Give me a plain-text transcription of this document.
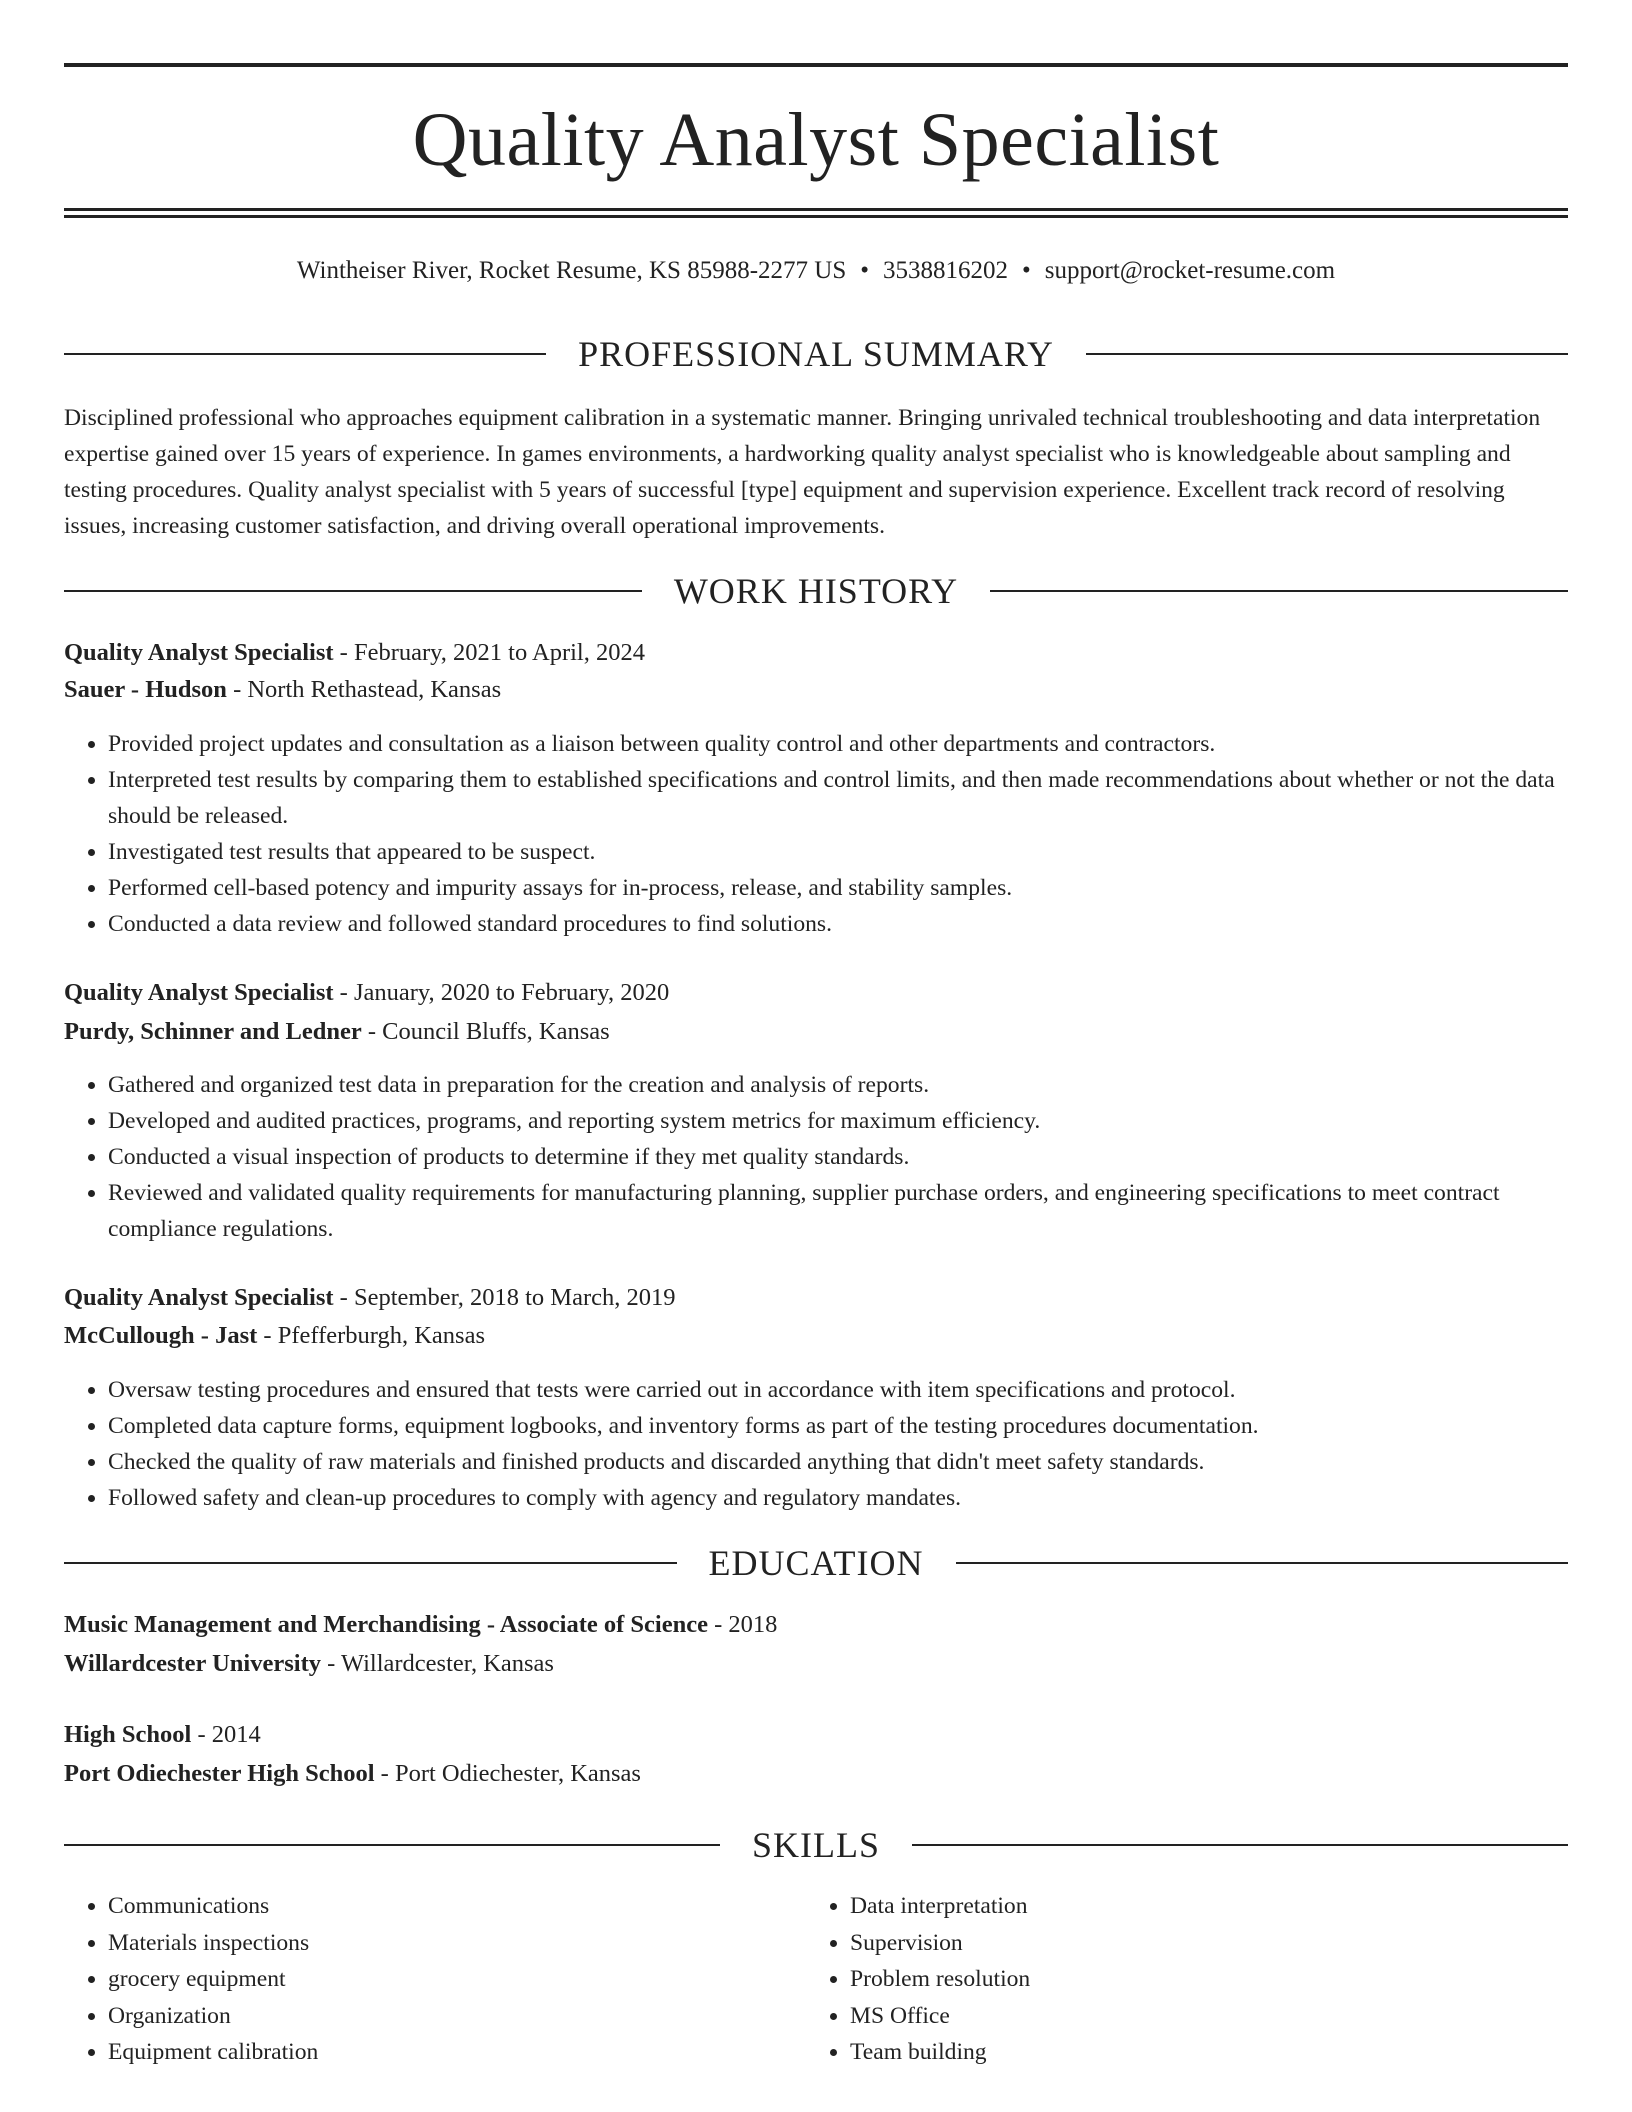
Quality Analyst Specialist
Wintheiser River, Rocket Resume, KS 85988-2277 US • 3538816202 • support@rocket-resume.com
PROFESSIONAL SUMMARY

Disciplined professional who approaches equipment calibration in a systematic manner. Bringing unrivaled technical troubleshooting and data interpretation expertise gained over 15 years of experience. In games environments, a hardworking quality analyst specialist who is knowledgeable about sampling and testing procedures. Quality analyst specialist with 5 years of successful [type] equipment and supervision experience. Excellent track record of resolving issues, increasing customer satisfaction, and driving overall operational improvements.

WORK HISTORY
Quality Analyst Specialist - February, 2021 to April, 2024
Sauer - Hudson - North Rethastead, Kansas
• Provided project updates and consultation as a liaison between quality control and other departments and contractors.
• Interpreted test results by comparing them to established specifications and control limits, and then made recommendations about whether or not the data should be released.
• Investigated test results that appeared to be suspect.
• Performed cell-based potency and impurity assays for in-process, release, and stability samples.
• Conducted a data review and followed standard procedures to find solutions.
Quality Analyst Specialist - January, 2020 to February, 2020
Purdy, Schinner and Ledner - Council Bluffs, Kansas
• Gathered and organized test data in preparation for the creation and analysis of reports.
• Developed and audited practices, programs, and reporting system metrics for maximum efficiency.
• Conducted a visual inspection of products to determine if they met quality standards.
• Reviewed and validated quality requirements for manufacturing planning, supplier purchase orders, and engineering specifications to meet contract compliance regulations.
Quality Analyst Specialist - September, 2018 to March, 2019
McCullough - Jast - Pfefferburgh, Kansas
• Oversaw testing procedures and ensured that tests were carried out in accordance with item specifications and protocol.
• Completed data capture forms, equipment logbooks, and inventory forms as part of the testing procedures documentation.
• Checked the quality of raw materials and finished products and discarded anything that didn't meet safety standards.
• Followed safety and clean-up procedures to comply with agency and regulatory mandates.
EDUCATION
Music Management and Merchandising - Associate of Science - 2018
Willardcester University - Willardcester, Kansas
High School - 2014
Port Odiechester High School - Port Odiechester, Kansas
SKILLS
• Communications
• Materials inspections
• grocery equipment
• Organization
• Equipment calibration
• Data interpretation
• Supervision
• Problem resolution
• MS Office
• Team building
